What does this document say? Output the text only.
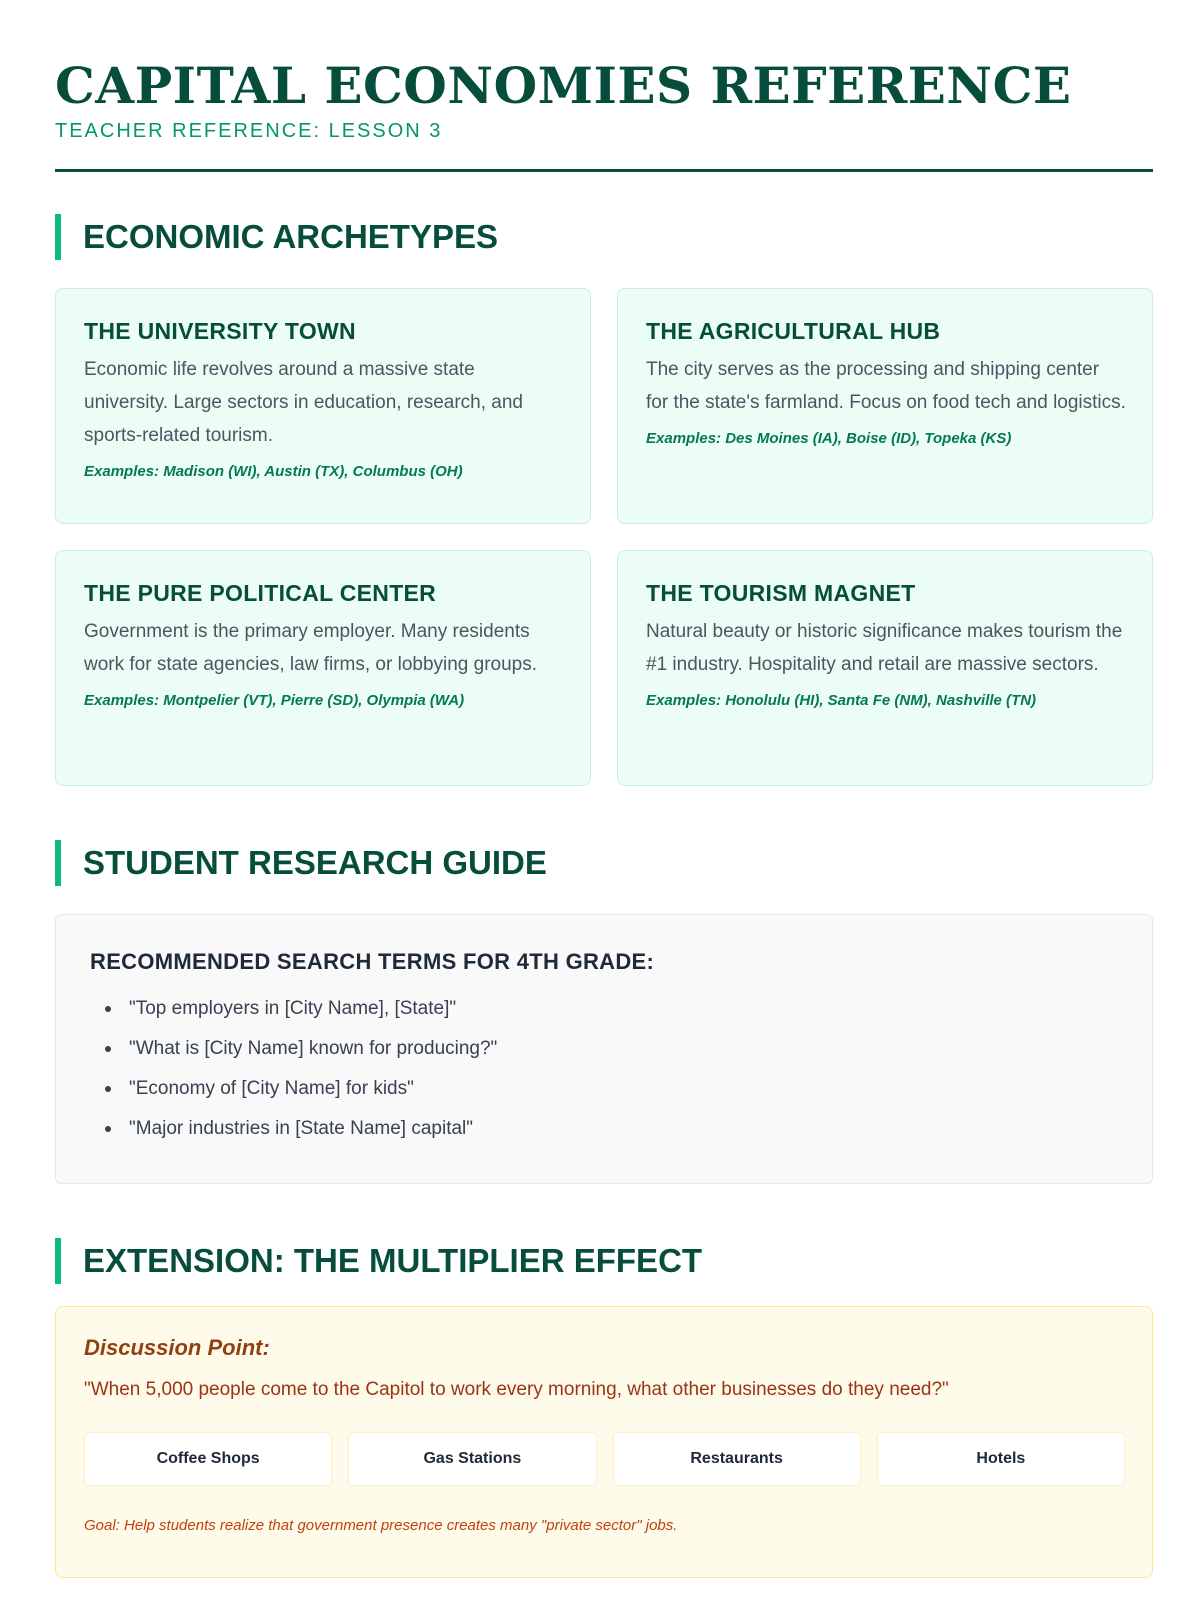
CAPITAL ECONOMIES REFERENCE
TEACHER REFERENCE: LESSON 3
ECONOMIC ARCHETYPES
THE UNIVERSITY TOWN
Economic life revolves around a massive state university. Large sectors in education, research, and sports-related tourism.
Examples: Madison (WI), Austin (TX), Columbus (OH)
THE AGRICULTURAL HUB
The city serves as the processing and shipping center for the state's farmland. Focus on food tech and logistics.
Examples: Des Moines (IA), Boise (ID), Topeka (KS)
THE PURE POLITICAL CENTER
Government is the primary employer. Many residents work for state agencies, law firms, or lobbying groups.
Examples: Montpelier (VT), Pierre (SD), Olympia (WA)
THE TOURISM MAGNET
Natural beauty or historic significance makes tourism the #1 industry. Hospitality and retail are massive sectors.
Examples: Honolulu (HI), Santa Fe (NM), Nashville (TN)
STUDENT RESEARCH GUIDE
RECOMMENDED SEARCH TERMS FOR 4TH GRADE:
"Top employers in [City Name], [State]"
"What is [City Name] known for producing?"
"Economy of [City Name] for kids"
"Major industries in [State Name] capital"
EXTENSION: THE MULTIPLIER EFFECT
Discussion Point:
"When 5,000 people come to the Capitol to work every morning, what other businesses do they need?"
Coffee Shops	Gas Stations	Restaurants	Hotels
Goal: Help students realize that government presence creates many "private sector" jobs.
